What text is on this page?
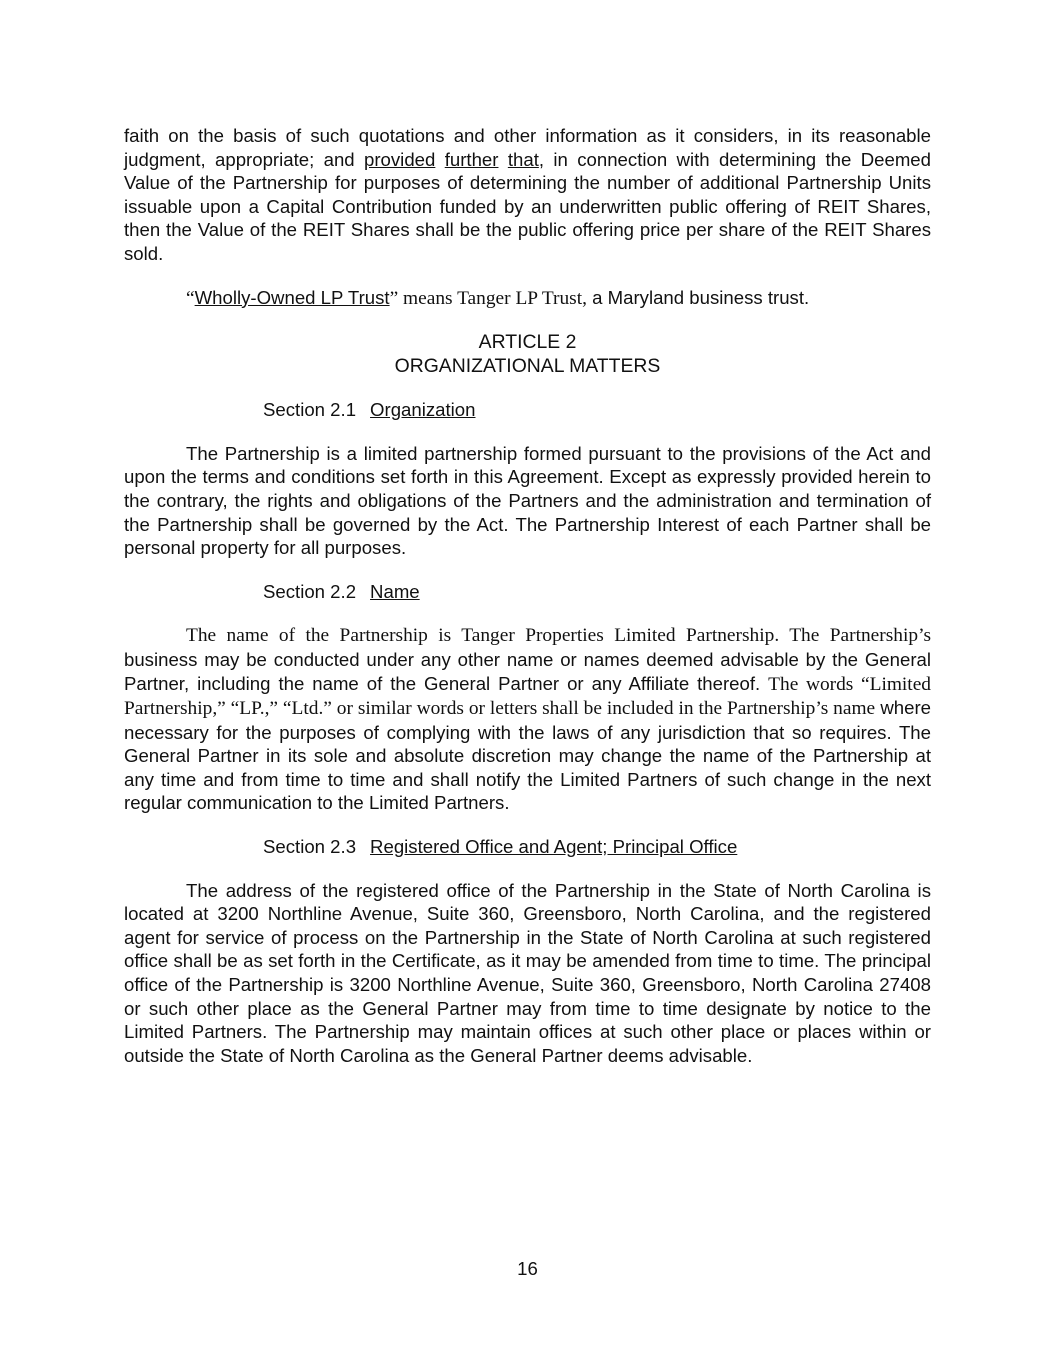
faith on the basis of such quotations and other information as it considers, in its reasonable judgment, appropriate; and provided further that, in connection with determining the Deemed Value of the Partnership for purposes of determining the number of additional Partnership Units issuable upon a Capital Contribution funded by an underwritten public offering of REIT Shares, then the Value of the REIT Shares shall be the public offering price per share of the REIT Shares sold.

“Wholly-Owned LP Trust” means Tanger LP Trust, a Maryland business trust.

ARTICLE 2
ORGANIZATIONAL MATTERS
Section 2.1 Organization

The Partnership is a limited partnership formed pursuant to the provisions of the Act and upon the terms and conditions set forth in this Agreement. Except as expressly provided herein to the contrary, the rights and obligations of the Partners and the administration and termination of the Partnership shall be governed by the Act. The Partnership Interest of each Partner shall be personal property for all purposes.

Section 2.2 Name

The name of the Partnership is Tanger Properties Limited Partnership. The Partnership’s business may be conducted under any other name or names deemed advisable by the General Partner, including the name of the General Partner or any Affiliate thereof. The words “Limited Partnership,” “LP.,” “Ltd.” or similar words or letters shall be included in the Partnership’s name where necessary for the purposes of complying with the laws of any jurisdiction that so requires. The General Partner in its sole and absolute discretion may change the name of the Partnership at any time and from time to time and shall notify the Limited Partners of such change in the next regular communication to the Limited Partners.

Section 2.3 Registered Office and Agent; Principal Office

The address of the registered office of the Partnership in the State of North Carolina is located at 3200 Northline Avenue, Suite 360, Greensboro, North Carolina, and the registered agent for service of process on the Partnership in the State of North Carolina at such registered office shall be as set forth in the Certificate, as it may be amended from time to time. The principal office of the Partnership is 3200 Northline Avenue, Suite 360, Greensboro, North Carolina 27408 or such other place as the General Partner may from time to time designate by notice to the Limited Partners. The Partnership may maintain offices at such other place or places within or outside the State of North Carolina as the General Partner deems advisable.

16
